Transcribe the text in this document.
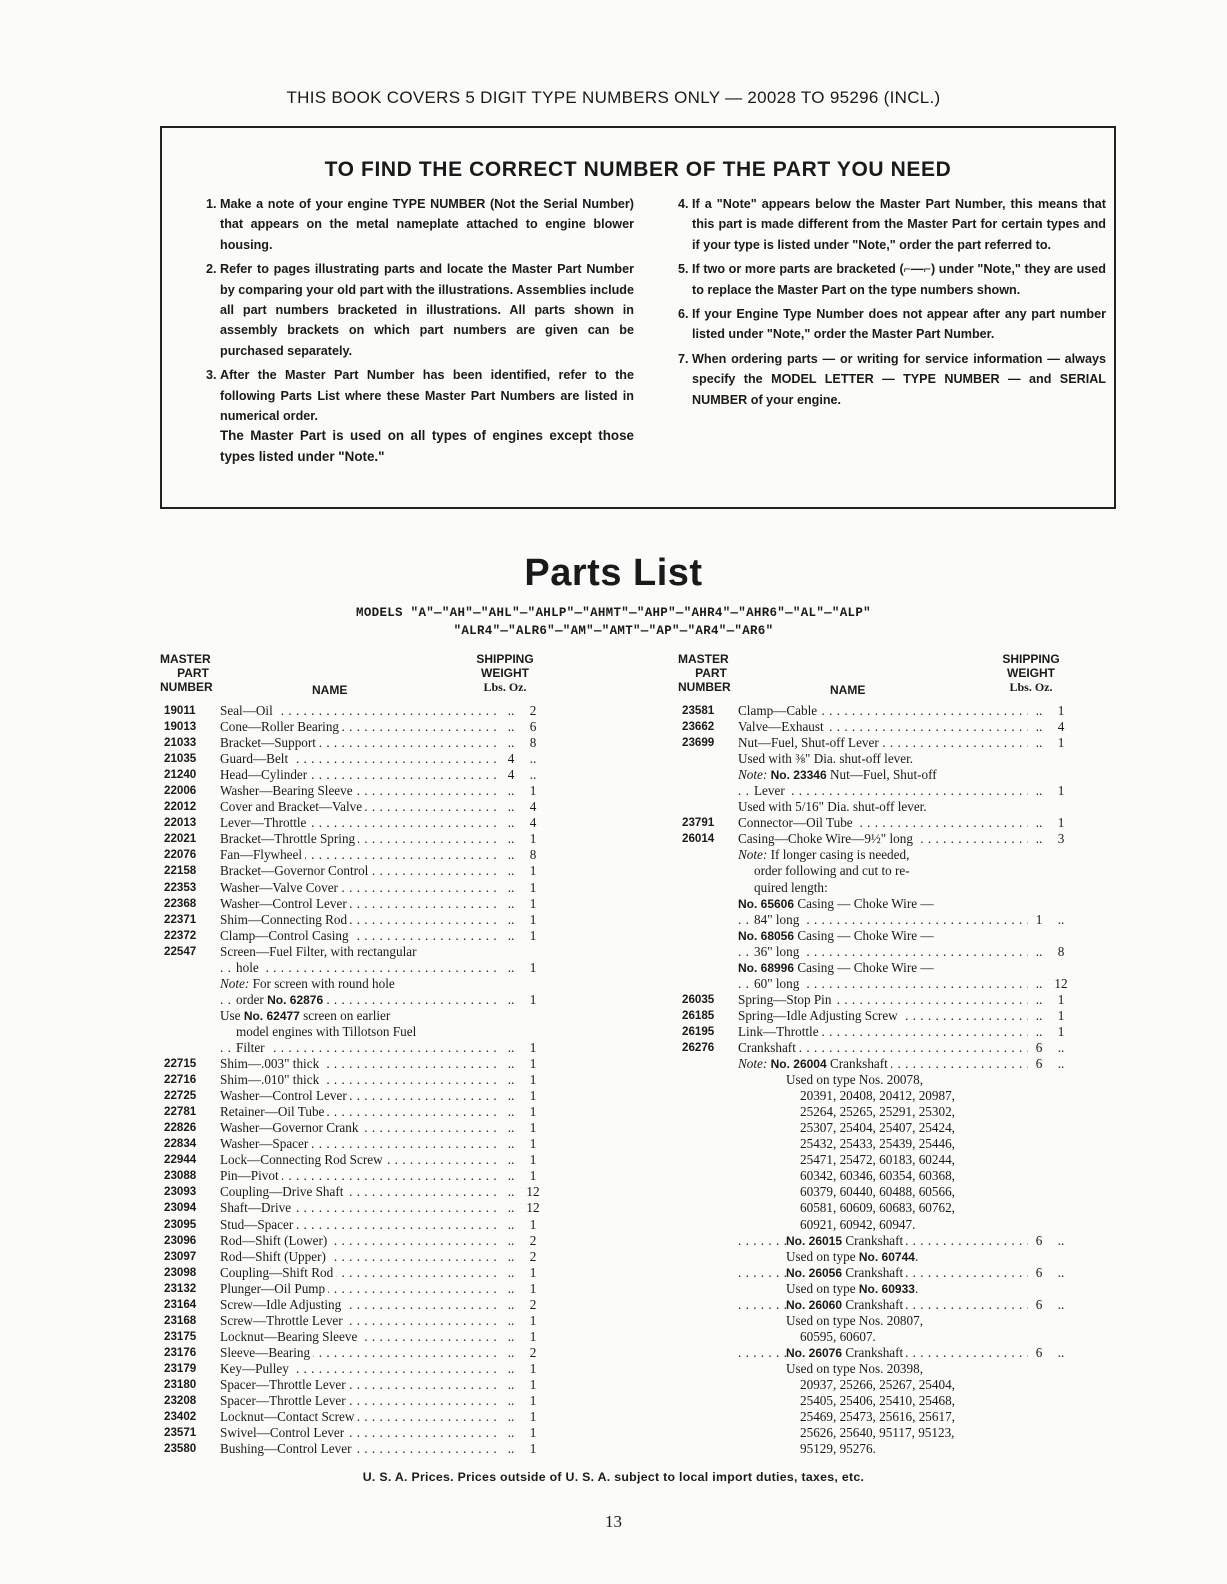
THIS BOOK COVERS 5 DIGIT TYPE NUMBERS ONLY — 20028 TO 95296 (INCL.)
TO FIND THE CORRECT NUMBER OF THE PART YOU NEED
1. Make a note of your engine TYPE NUMBER (Not the Serial Number) that appears on the metal nameplate attached to engine blower housing.
2. Refer to pages illustrating parts and locate the Master Part Number by comparing your old part with the illustrations. Assemblies include all part numbers bracketed in illustrations. All parts shown in assembly brackets on which part numbers are given can be purchased separately.
3. After the Master Part Number has been identified, refer to the following Parts List where these Master Part Numbers are listed in numerical order.
The Master Part is used on all types of engines except those types listed under "Note."
4. If a "Note" appears below the Master Part Number, this means that this part is made different from the Master Part for certain types and if your type is listed under "Note," order the part referred to.
5. If two or more parts are bracketed (⌐—⌐) under "Note," they are used to replace the Master Part on the type numbers shown.
6. If your Engine Type Number does not appear after any part number listed under "Note," order the Master Part Number.
7. When ordering parts — or writing for service information — always specify the MODEL LETTER — TYPE NUMBER — and SERIAL NUMBER of your engine.
Parts List
MODELS "A"—"AH"—"AHL"—"AHLP"—"AHMT"—"AHP"—"AHR4"—"AHR6"—"AL"—"ALP"
"ALR4"—"ALR6"—"AM"—"AMT"—"AP"—"AR4"—"AR6"
MASTER
PART
NUMBER	NAME
SHIPPING
WEIGHT
Lbs. Oz.
MASTER
PART
NUMBER	NAME
SHIPPING
WEIGHT
Lbs. Oz.
19011	Seal—Oil . . .	..	2
19013	Cone—Roller Bearing . . .	..	6
21033	Bracket—Support . . .	..	8
21035	Guard—Belt . . .	4	..
21240	Head—Cylinder . . .	4	..
22006	Washer—Bearing Sleeve . . .	..	1
22012	Cover and Bracket—Valve . . .	..	4
22013	Lever—Throttle . . .	..	4
22021	Bracket—Throttle Spring . . .	..	1
22076	Fan—Flywheel . . .	..	8
22158	Bracket—Governor Control . . .	..	1
22353	Washer—Valve Cover . . .	..	1
22368	Washer—Control Lever . . .	..	1
22371	Shim—Connecting Rod . . .	..	1
22372	Clamp—Control Casing . . .	..	1
22547	Screen—Fuel Filter, with rectangular
hole . . .	..	1
Note: For screen with round hole
order No. 62876 . . .	..	1
Use No. 62477 screen on earlier
model engines with Tillotson Fuel
Filter . . .	..	1
22715	Shim—.003" thick . . .	..	1
22716	Shim—.010" thick . . .	..	1
22725	Washer—Control Lever . . .	..	1
22781	Retainer—Oil Tube . . .	..	1
22826	Washer—Governor Crank . . .	..	1
22834	Washer—Spacer . . .	..	1
22944	Lock—Connecting Rod Screw . . .	..	1
23088	Pin—Pivot . . .	..	1
23093	Coupling—Drive Shaft . . .	.. 12
23094	Shaft—Drive . . .	.. 12
23095	Stud—Spacer . . .	..	1
23096	Rod—Shift (Lower) . . .	..	2
23097	Rod—Shift (Upper) . . .	..	2
23098	Coupling—Shift Rod . . .	..	1
23132	Plunger—Oil Pump . . .	..	1
23164	Screw—Idle Adjusting . . .	..	2
23168	Screw—Throttle Lever . . .	..	1
23175	Locknut—Bearing Sleeve . . .	..	1
23176	Sleeve—Bearing . . .	..	2
23179	Key—Pulley . . .	..	1
23180	Spacer—Throttle Lever . . .	..	1
23208	Spacer—Throttle Lever . . .	..	1
23402	Locknut—Contact Screw . . .	..	1
23571	Swivel—Control Lever . . .	..	1
23580	Bushing—Control Lever . . .	..	1
23581	Clamp—Cable . . .	..	1
23662	Valve—Exhaust . . .	..	4
23699	Nut—Fuel, Shut-off Lever . . .	..	1
Used with ⅜" Dia. shut-off lever.
Note: No. 23346 Nut—Fuel, Shut-off
Lever . . .	..	1
Used with 5/16" Dia. shut-off lever.
23791	Connector—Oil Tube . . .	..	1
26014	Casing—Choke Wire—9½" long . . .	..	3
Note: If longer casing is needed,
order following and cut to re-
quired length:
No. 65606 Casing — Choke Wire —
84" long . . .	1	..
No. 68056 Casing — Choke Wire —
36" long . . .	..	8
No. 68996 Casing — Choke Wire —
60" long . . .	.. 12
26035	Spring—Stop Pin . . .	..	1
26185	Spring—Idle Adjusting Screw . . .	..	1
26195	Link—Throttle . . .	..	1
26276	Crankshaft . . .	6	..
Note: No. 26004 Crankshaft . . .	6	..
Used on type Nos. 20078,
20391, 20408, 20412, 20987,
25264, 25265, 25291, 25302,
25307, 25404, 25407, 25424,
25432, 25433, 25439, 25446,
25471, 25472, 60183, 60244,
60342, 60346, 60354, 60368,
60379, 60440, 60488, 60566,
60581, 60609, 60683, 60762,
60921, 60942, 60947.
No. 26015 Crankshaft . . .	6	..
Used on type No. 60744.
No. 26056 Crankshaft . . .	6	..
Used on type No. 60933.
No. 26060 Crankshaft . . .	6	..
Used on type Nos. 20807,
60595, 60607.
No. 26076 Crankshaft . . .	6	..
Used on type Nos. 20398,
20937, 25266, 25267, 25404,
25405, 25406, 25410, 25468,
25469, 25473, 25616, 25617,
25626, 25640, 95117, 95123,
95129, 95276.
U. S. A. Prices. Prices outside of U. S. A. subject to local import duties, taxes, etc.
13
